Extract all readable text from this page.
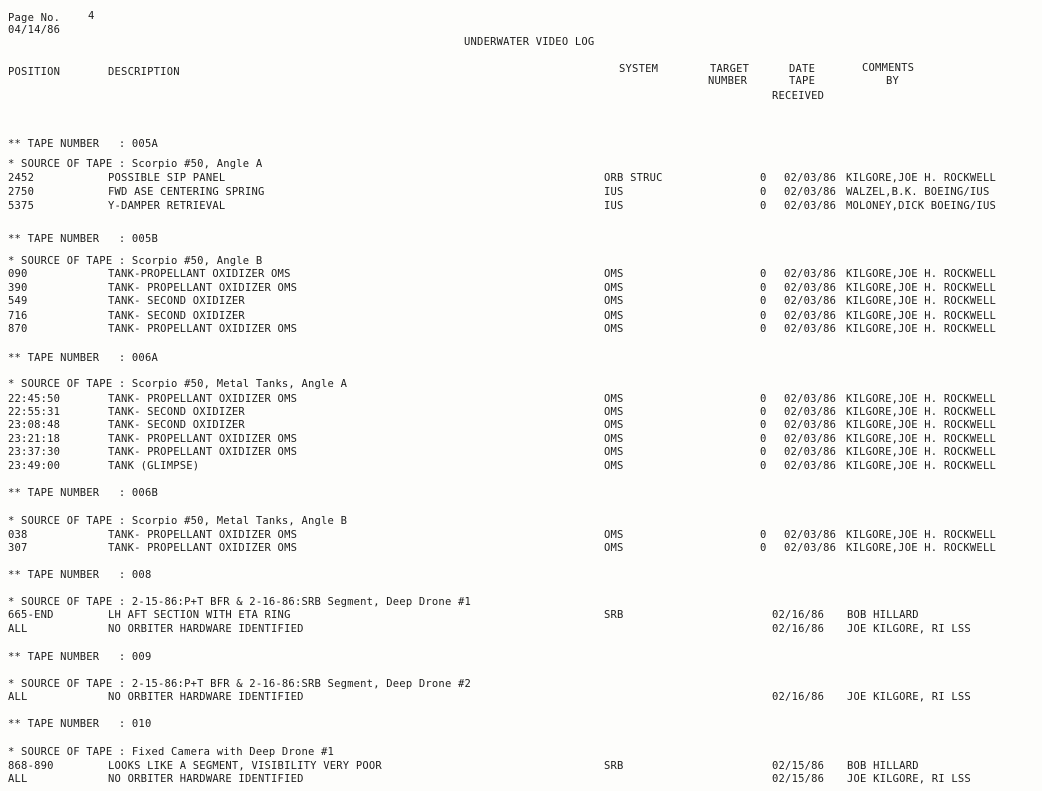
Page No.	4
04/14/86
UNDERWATER VIDEO LOG
POSITION	DESCRIPTION	SYSTEM	TARGET
NUMBER
DATE
TAPE
RECEIVED
COMMENTS
BY
** TAPE NUMBER   : 005A
* SOURCE OF TAPE : Scorpio #50, Angle A
2452	POSSIBLE SIP PANEL	ORB STRUC	0 02/03/86 KILGORE,JOE H. ROCKWELL
2750	FWD ASE CENTERING SPRING	IUS	0 02/03/86 WALZEL,B.K. BOEING/IUS
5375	Y-DAMPER RETRIEVAL	IUS	0 02/03/86 MOLONEY,DICK BOEING/IUS
** TAPE NUMBER   : 005B
* SOURCE OF TAPE : Scorpio #50, Angle B
090	TANK-PROPELLANT OXIDIZER OMS	OMS	0 02/03/86 KILGORE,JOE H. ROCKWELL
390	TANK- PROPELLANT OXIDIZER OMS	OMS	0 02/03/86 KILGORE,JOE H. ROCKWELL
549	TANK- SECOND OXIDIZER	OMS	0 02/03/86 KILGORE,JOE H. ROCKWELL
716	TANK- SECOND OXIDIZER	OMS	0 02/03/86 KILGORE,JOE H. ROCKWELL
870	TANK- PROPELLANT OXIDIZER OMS	OMS	0 02/03/86 KILGORE,JOE H. ROCKWELL
** TAPE NUMBER   : 006A
* SOURCE OF TAPE : Scorpio #50, Metal Tanks, Angle A
22:45:50	TANK- PROPELLANT OXIDIZER OMS	OMS	0 02/03/86 KILGORE,JOE H. ROCKWELL
22:55:31	TANK- SECOND OXIDIZER	OMS	0 02/03/86 KILGORE,JOE H. ROCKWELL
23:08:48	TANK- SECOND OXIDIZER	OMS	0 02/03/86 KILGORE,JOE H. ROCKWELL
23:21:18	TANK- PROPELLANT OXIDIZER OMS	OMS	0 02/03/86 KILGORE,JOE H. ROCKWELL
23:37:30	TANK- PROPELLANT OXIDIZER OMS	OMS	0 02/03/86 KILGORE,JOE H. ROCKWELL
23:49:00	TANK (GLIMPSE)	OMS	0 02/03/86 KILGORE,JOE H. ROCKWELL
** TAPE NUMBER   : 006B
* SOURCE OF TAPE : Scorpio #50, Metal Tanks, Angle B
038	TANK- PROPELLANT OXIDIZER OMS	OMS	0 02/03/86 KILGORE,JOE H. ROCKWELL
307	TANK- PROPELLANT OXIDIZER OMS	OMS	0 02/03/86 KILGORE,JOE H. ROCKWELL
** TAPE NUMBER   : 008
* SOURCE OF TAPE : 2-15-86:P+T BFR & 2-16-86:SRB Segment, Deep Drone #1
665-END	LH AFT SECTION WITH ETA RING	SRB	02/16/86 BOB HILLARD
ALL	NO ORBITER HARDWARE IDENTIFIED	02/16/86 JOE KILGORE, RI LSS
** TAPE NUMBER   : 009
* SOURCE OF TAPE : 2-15-86:P+T BFR & 2-16-86:SRB Segment, Deep Drone #2
ALL	NO ORBITER HARDWARE IDENTIFIED	02/16/86 JOE KILGORE, RI LSS
** TAPE NUMBER   : 010
* SOURCE OF TAPE : Fixed Camera with Deep Drone #1
868-890	LOOKS LIKE A SEGMENT, VISIBILITY VERY POOR	SRB	02/15/86 BOB HILLARD
ALL	NO ORBITER HARDWARE IDENTIFIED	02/15/86 JOE KILGORE, RI LSS
